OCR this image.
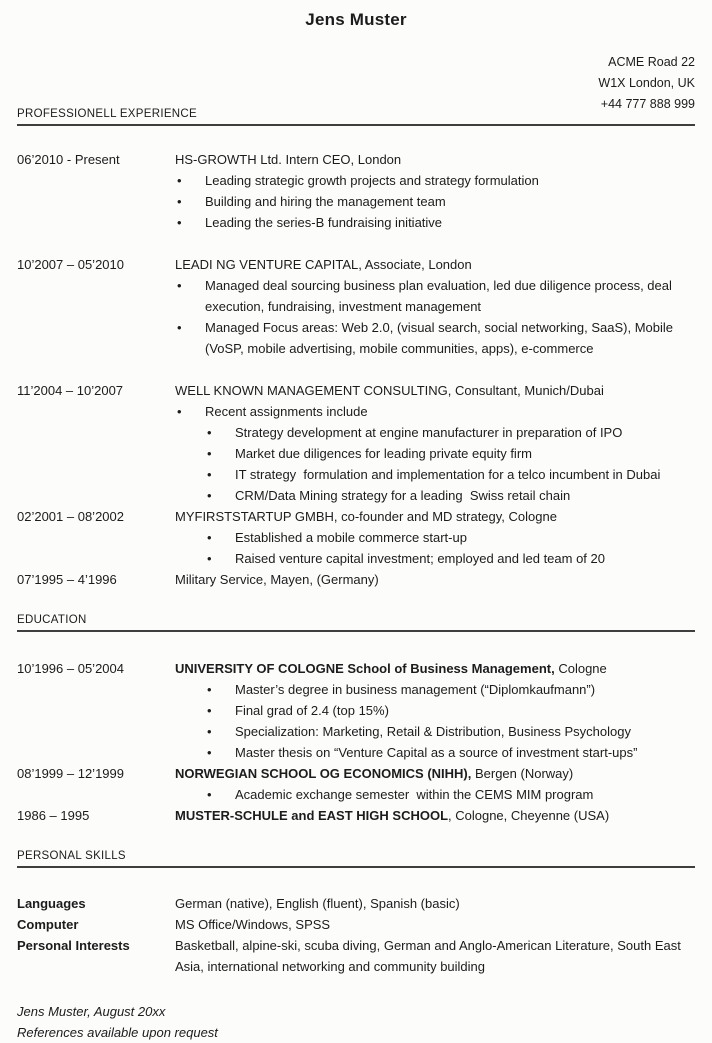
Jens Muster
ACME Road 22
W1X London, UK
+44 777 888 999
PROFESSIONELL EXPERIENCE
06’2010 - Present	HS-GROWTH Ltd. Intern CEO, London
•	Leading strategic growth projects and strategy formulation
•	Building and hiring the management team
•	Leading the series-B fundraising initiative
10’2007 – 05’2010	LEADI NG VENTURE CAPITAL, Associate, London
•	Managed deal sourcing business plan evaluation, led due diligence process, deal execution, fundraising, investment management
•	Managed Focus areas: Web 2.0, (visual search, social networking, SaaS), Mobile (VoSP, mobile advertising, mobile communities, apps), e-commerce
11’2004 – 10’2007	WELL KNOWN MANAGEMENT CONSULTING, Consultant, Munich/Dubai
•	Recent assignments include
•	Strategy development at engine manufacturer in preparation of IPO
•	Market due diligences for leading private equity firm
•	IT strategy  formulation and implementation for a telco incumbent in Dubai
•	CRM/Data Mining strategy for a leading  Swiss retail chain
02’2001 – 08’2002	MYFIRSTSTARTUP GMBH, co-founder and MD strategy, Cologne
•	Established a mobile commerce start-up
•	Raised venture capital investment; employed and led team of 20
07’1995 – 4’1996	Military Service, Mayen, (Germany)
EDUCATION
10’1996 – 05’2004	UNIVERSITY OF COLOGNE School of Business Management, Cologne
•	Master’s degree in business management (“Diplomkaufmann”)
•	Final grad of 2.4 (top 15%)
•	Specialization: Marketing, Retail & Distribution, Business Psychology
•	Master thesis on “Venture Capital as a source of investment start-ups”
08’1999 – 12’1999	NORWEGIAN SCHOOL OG ECONOMICS (NIHH), Bergen (Norway)
•	Academic exchange semester  within the CEMS MIM program
1986 – 1995	MUSTER-SCHULE and EAST HIGH SCHOOL, Cologne, Cheyenne (USA)
PERSONAL SKILLS
Languages	German (native), English (fluent), Spanish (basic)
Computer	MS Office/Windows, SPSS
Personal Interests	Basketball, alpine-ski, scuba diving, German and Anglo-American Literature, South East Asia, international networking and community building
Jens Muster, August 20xx
References available upon request
